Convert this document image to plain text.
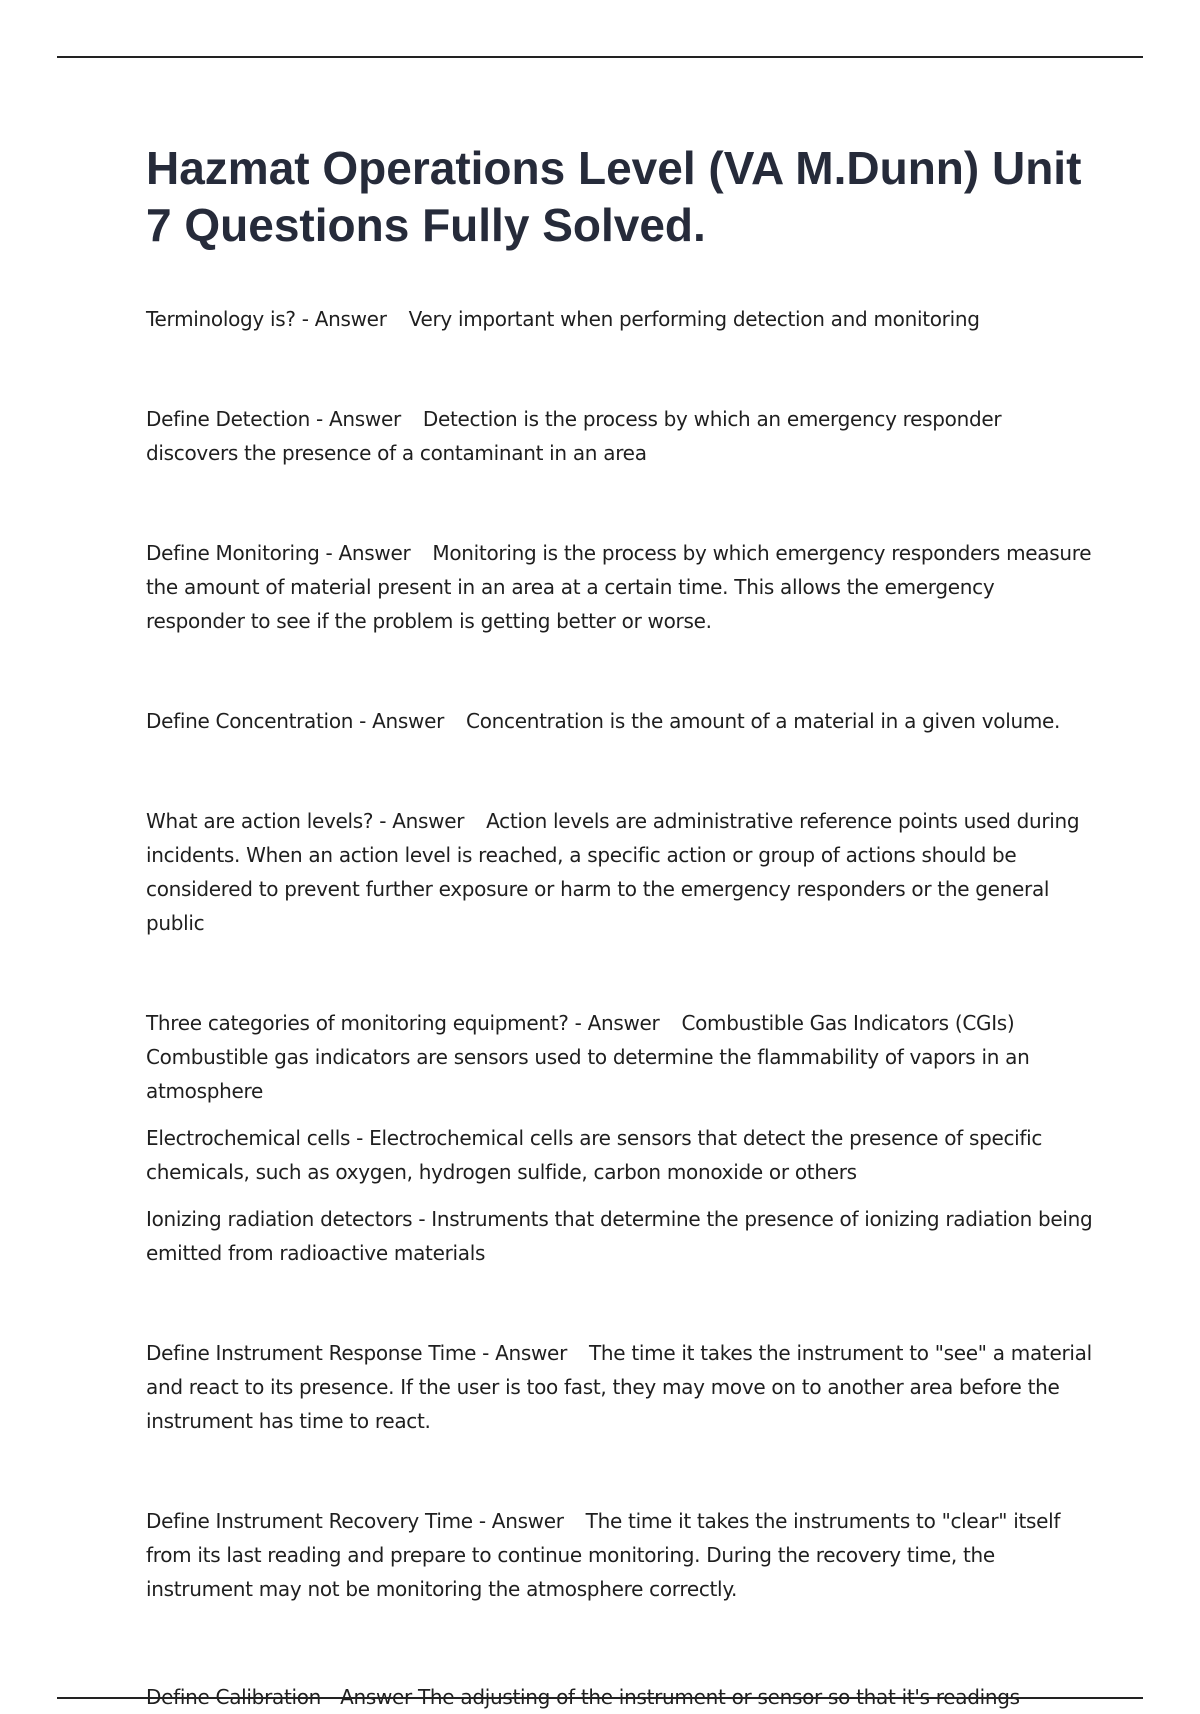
Hazmat Operations Level (VA M.Dunn) Unit 7 Questions Fully Solved.

Terminology is? - Answer Very important when performing detection and monitoring

Define Detection - Answer Detection is the process by which an emergency responder discovers the presence of a contaminant in an area

Define Monitoring - Answer Monitoring is the process by which emergency responders measure the amount of material present in an area at a certain time. This allows the emergency responder to see if the problem is getting better or worse.

Define Concentration - Answer Concentration is the amount of a material in a given volume.

What are action levels? - Answer Action levels are administrative reference points used during incidents. When an action level is reached, a specific action or group of actions should be considered to prevent further exposure or harm to the emergency responders or the general public

Three categories of monitoring equipment? - Answer Combustible Gas Indicators (CGIs) Combustible gas indicators are sensors used to determine the flammability of vapors in an atmosphere

Electrochemical cells - Electrochemical cells are sensors that detect the presence of specific chemicals, such as oxygen, hydrogen sulfide, carbon monoxide or others

Ionizing radiation detectors - Instruments that determine the presence of ionizing radiation being emitted from radioactive materials

Define Instrument Response Time - Answer The time it takes the instrument to "see" a material and react to its presence. If the user is too fast, they may move on to another area before the instrument has time to react.

Define Instrument Recovery Time - Answer The time it takes the instruments to "clear" itself from its last reading and prepare to continue monitoring. During the recovery time, the instrument may not be monitoring the atmosphere correctly.

Define Calibration - Answer The adjusting of the instrument or sensor so that it's readings
